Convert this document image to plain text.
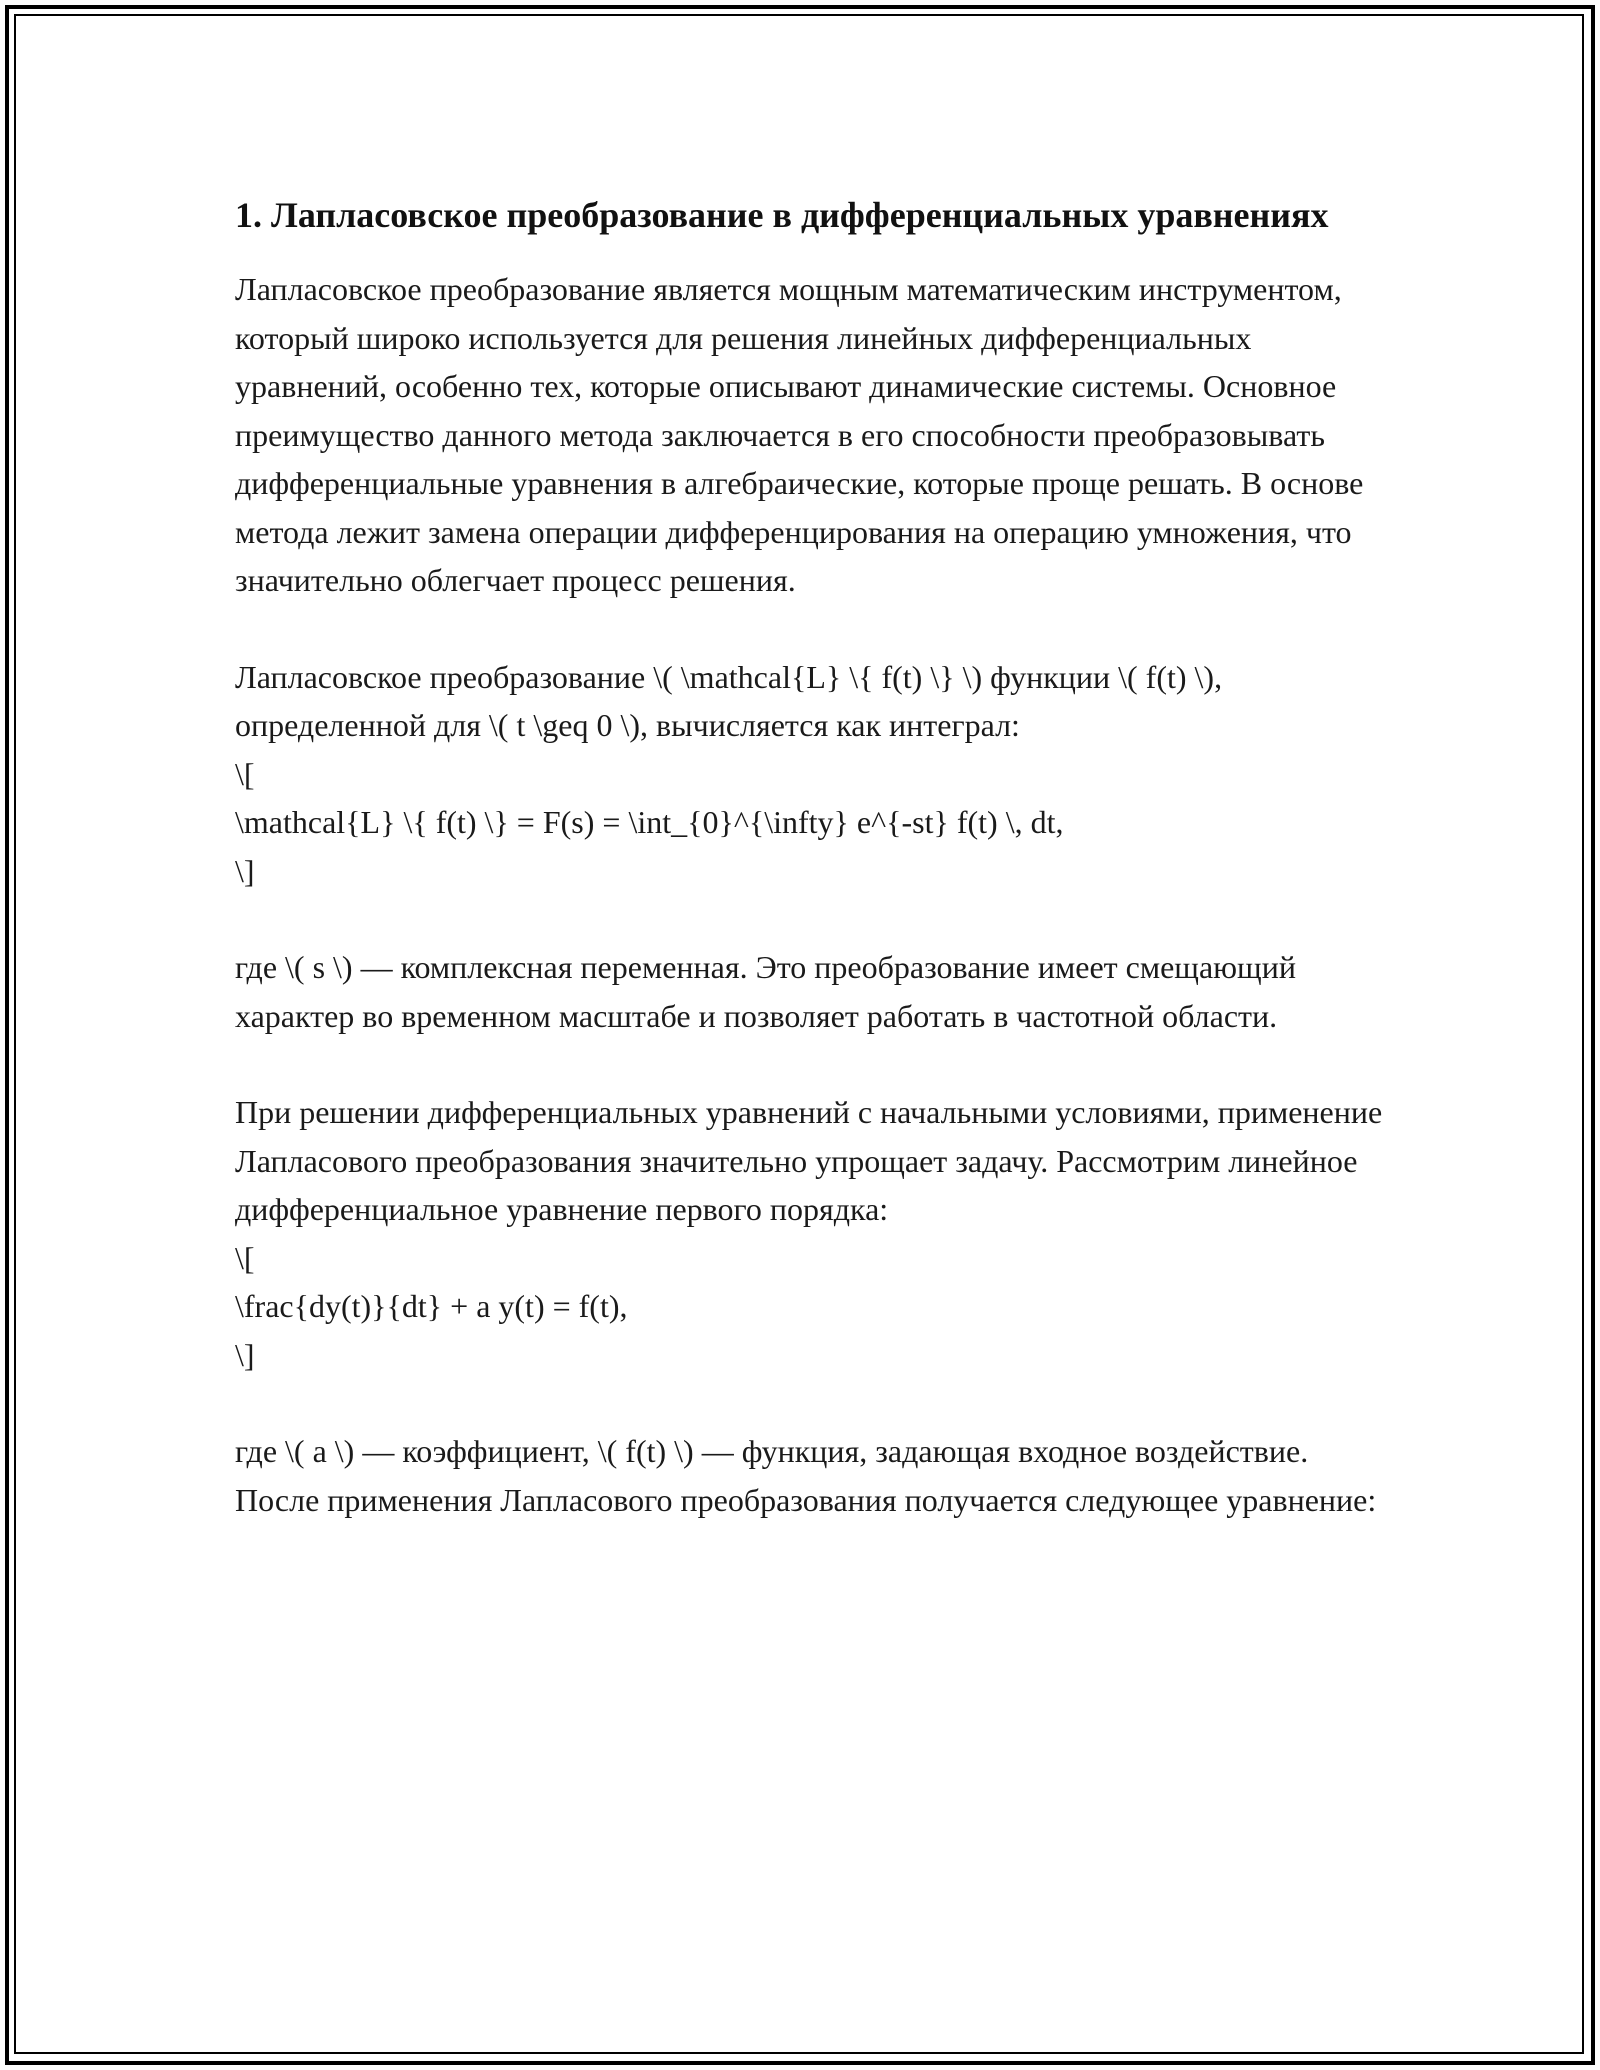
1. Лапласовское преобразование в дифференциальных уравнениях

Лапласовское преобразование является мощным математическим инструментом, который широко используется для решения линейных дифференциальных уравнений, особенно тех, которые описывают динамические системы. Основное преимущество данного метода заключается в его способности преобразовывать дифференциальные уравнения в алгебраические, которые проще решать. В основе метода лежит замена операции дифференцирования на операцию умножения, что значительно облегчает процесс решения.

Лапласовское преобразование \( \mathcal{L} \{ f(t) \} \) функции \( f(t) \), определенной для \( t \geq 0 \), вычисляется как интеграл:

\[
\mathcal{L} \{ f(t) \} = F(s) = \int_{0}^{\infty} e^{-st} f(t) \, dt,
\]

где \( s \) — комплексная переменная. Это преобразование имеет смещающий характер во временном масштабе и позволяет работать в частотной области.

При решении дифференциальных уравнений с начальными условиями, применение Лапласового преобразования значительно упрощает задачу. Рассмотрим линейное дифференциальное уравнение первого порядка:

\[
\frac{dy(t)}{dt} + a y(t) = f(t),
\]

где \( a \) — коэффициент, \( f(t) \) — функция, задающая входное воздействие. После применения Лапласового преобразования получается следующее уравнение:
